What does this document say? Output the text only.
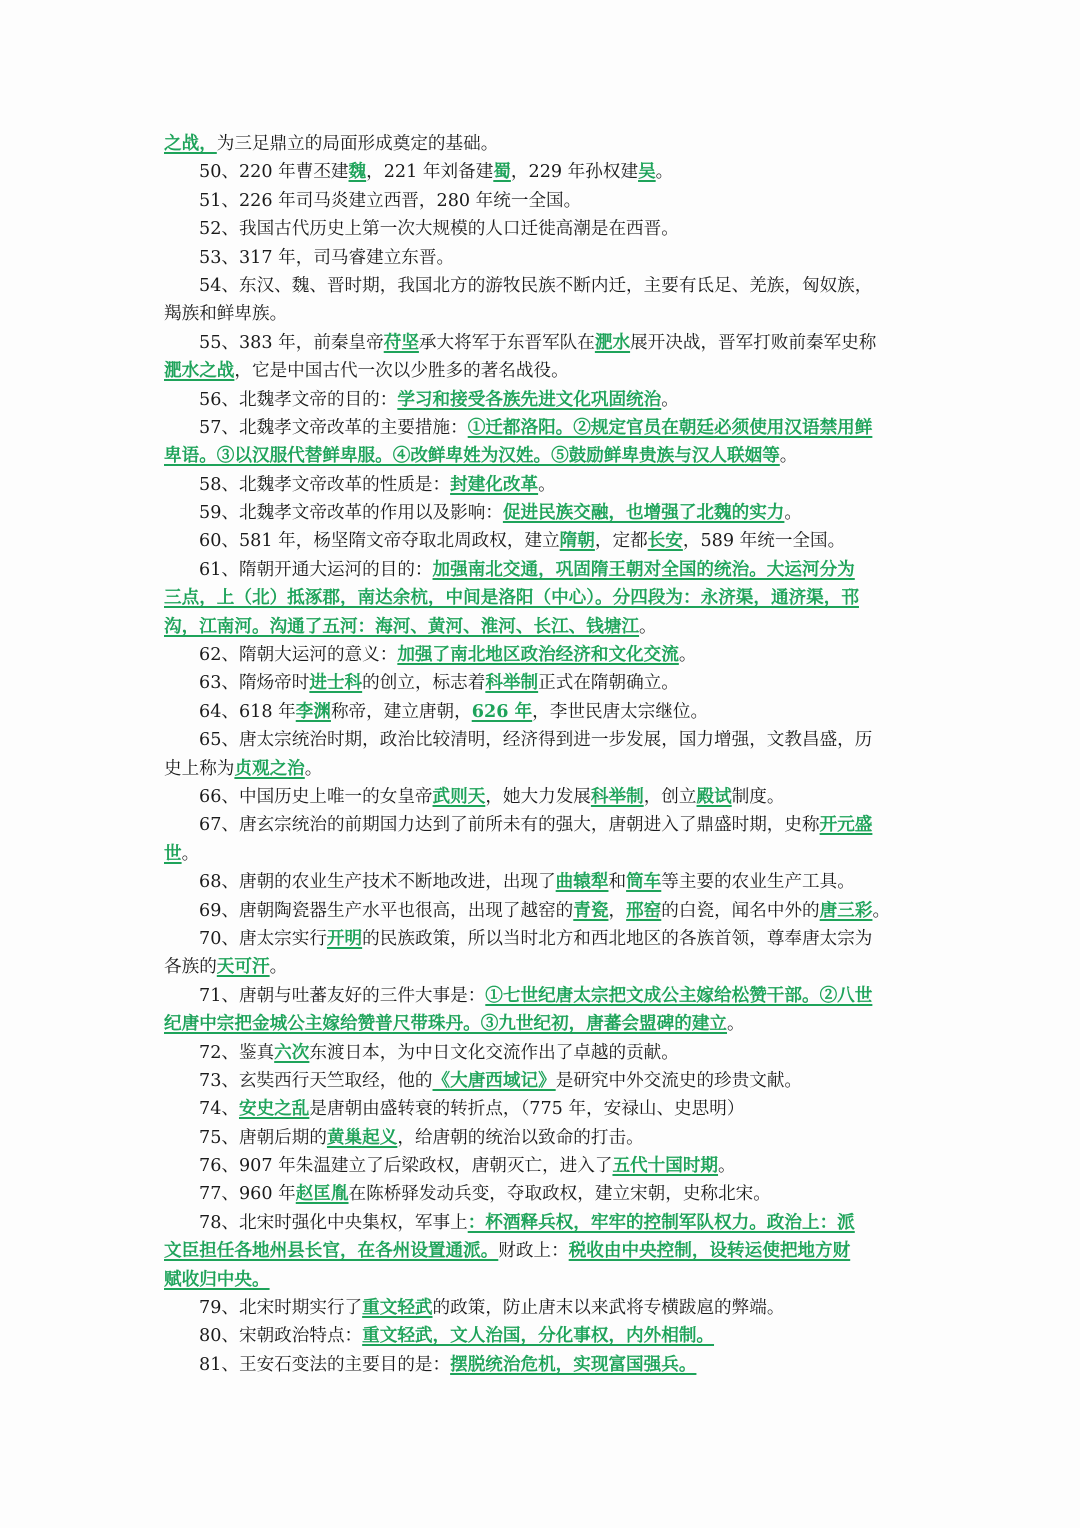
之战，为三足鼎立的局面形成奠定的基础。
50、220 年曹丕建魏，221 年刘备建蜀，229 年孙权建吴。
51、226 年司马炎建立西晋，280 年统一全国。
52、我国古代历史上第一次大规模的人口迁徙高潮是在西晋。
53、317 年，司马睿建立东晋。
54、东汉、魏、晋时期，我国北方的游牧民族不断内迁，主要有氐足、羌族，匈奴族，
羯族和鲜卑族。
55、383 年，前秦皇帝苻坚承大将军于东晋军队在淝水展开决战，晋军打败前秦军史称
淝水之战，它是中国古代一次以少胜多的著名战役。
56、北魏孝文帝的目的：学习和接受各族先进文化巩固统治。
57、北魏孝文帝改革的主要措施：①迁都洛阳。②规定官员在朝廷必须使用汉语禁用鲜
卑语。③以汉服代替鲜卑服。④改鲜卑姓为汉姓。⑤鼓励鲜卑贵族与汉人联姻等。
58、北魏孝文帝改革的性质是：封建化改革。
59、北魏孝文帝改革的作用以及影响：促进民族交融，也增强了北魏的实力。
60、581 年，杨坚隋文帝夺取北周政权，建立隋朝，定都长安，589 年统一全国。
61、隋朝开通大运河的目的：加强南北交通，巩固隋王朝对全国的统治。大运河分为
三点，上（北）抵涿郡，南达余杭，中间是洛阳（中心）。分四段为：永济渠，通济渠，邗
沟，江南河。沟通了五河：海河、黄河、淮河、长江、钱塘江。
62、隋朝大运河的意义：加强了南北地区政治经济和文化交流。
63、隋炀帝时进士科的创立，标志着科举制正式在隋朝确立。
64、618 年李渊称帝，建立唐朝，626 年，李世民唐太宗继位。
65、唐太宗统治时期，政治比较清明，经济得到进一步发展，国力增强，文教昌盛，历
史上称为贞观之治。
66、中国历史上唯一的女皇帝武则天，她大力发展科举制，创立殿试制度。
67、唐玄宗统治的前期国力达到了前所未有的强大，唐朝进入了鼎盛时期，史称开元盛
世。
68、唐朝的农业生产技术不断地改进，出现了曲辕犁和筒车等主要的农业生产工具。
69、唐朝陶瓷器生产水平也很高，出现了越窑的青瓷，邢窑的白瓷，闻名中外的唐三彩。
70、唐太宗实行开明的民族政策，所以当时北方和西北地区的各族首领，尊奉唐太宗为
各族的天可汗。
71、唐朝与吐蕃友好的三件大事是：①七世纪唐太宗把文成公主嫁给松赞干部。②八世
纪唐中宗把金城公主嫁给赞普尺带珠丹。③九世纪初，唐蕃会盟碑的建立。
72、鉴真六次东渡日本，为中日文化交流作出了卓越的贡献。
73、玄奘西行天竺取经，他的《大唐西域记》是研究中外交流史的珍贵文献。
74、安史之乱是唐朝由盛转衰的转折点，（775 年，安禄山、史思明）
75、唐朝后期的黄巢起义，给唐朝的统治以致命的打击。
76、907 年朱温建立了后梁政权，唐朝灭亡，进入了五代十国时期。
77、960 年赵匡胤在陈桥驿发动兵变，夺取政权，建立宋朝，史称北宋。
78、北宋时强化中央集权，军事上：杯酒释兵权，牢牢的控制军队权力。政治上：派
文臣担任各地州县长官，在各州设置通派。财政上：税收由中央控制，设转运使把地方财
赋收归中央。
79、北宋时期实行了重文轻武的政策，防止唐末以来武将专横跋扈的弊端。
80、宋朝政治特点：重文轻武，文人治国，分化事权，内外相制。
81、王安石变法的主要目的是：摆脱统治危机，实现富国强兵。
